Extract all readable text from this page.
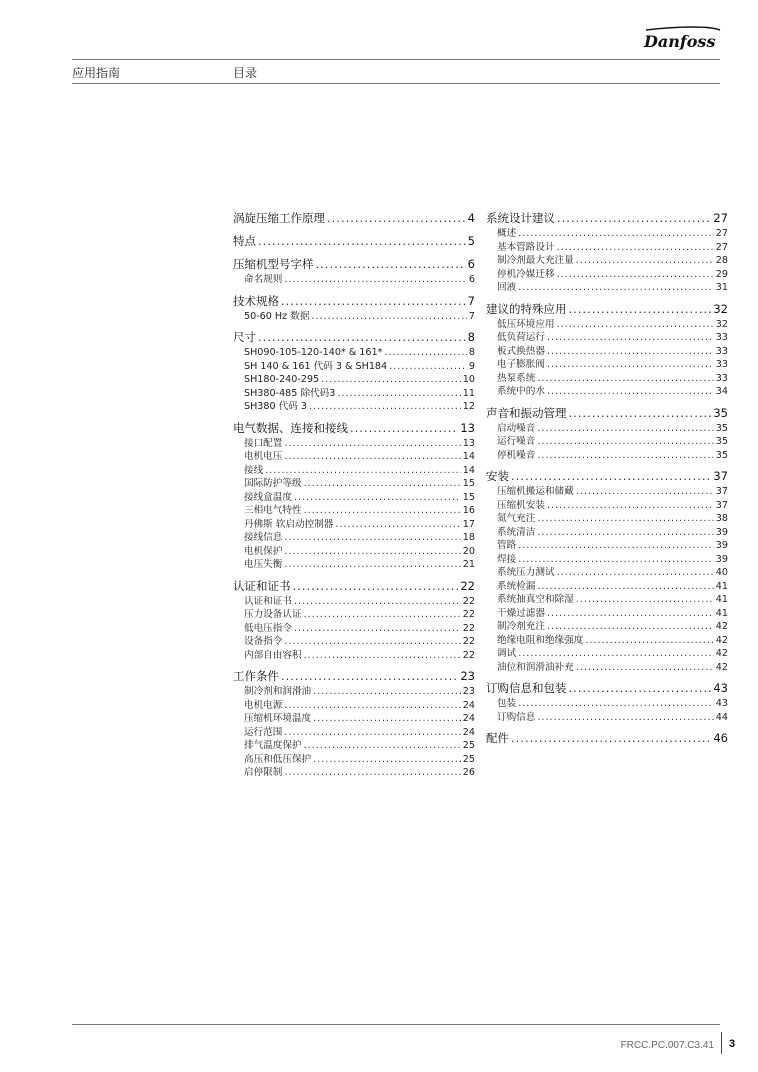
Danfoss
应用指南	目录
涡旋压缩工作原理 .....	4
特点 .....	5
压缩机型号字样 .....	6
命名规则 .....	6
技术规格 .....	7
50-60 Hz 数据 .....	7
尺寸 .....	8
SH090-105-120-140* & 161* .....	8
SH 140 & 161 代码 3 & SH184 .....	9
SH180-240-295 .....	10
SH380-485 除代码3 .....	11
SH380 代码 3 .....	12
电气数据、连接和接线 .....	13
接口配置 .....	13
电机电压 .....	14
接线 .....	14
国际防护等级 .....	15
接线盒温度 .....	15
三相电气特性 .....	16
丹佛斯 软启动控制器 .....	17
接线信息 .....	18
电机保护 .....	20
电压失衡 .....	21
认证和证书 .....	22
认证和证书 .....	22
压力设备认证 .....	22
低电压指令 .....	22
设备指令 .....	22
内部自由容积 .....	22
工作条件 .....	23
制冷剂和润滑油 .....	23
电机电源 .....	24
压缩机环境温度 .....	24
运行范围 .....	24
排气温度保护 .....	25
高压和低压保护 .....	25
启停限制 .....	26
系统设计建议 .....	27
概述 .....	27
基本管路设计 .....	27
制冷剂最大充注量 .....	28
停机冷媒迁移 .....	29
回液 .....	31
建议的特殊应用 .....	32
低压环境应用 .....	32
低负荷运行 .....	33
板式换热器 .....	33
电子膨胀阀 .....	33
热泵系统 .....	33
系统中的水 .....	34
声音和振动管理 .....	35
启动噪音 .....	35
运行噪音 .....	35
停机噪音 .....	35
安装 .....	37
压缩机搬运和储藏 .....	37
压缩机安装 .....	37
氮气充注 .....	38
系统清洁 .....	39
管路 .....	39
焊接 .....	39
系统压力测试 .....	40
系统检漏 .....	41
系统抽真空和除湿 .....	41
干燥过滤器 .....	41
制冷剂充注 .....	42
绝缘电阻和绝缘强度 .....	42
调试 .....	42
油位和润滑油补充 .....	42
订购信息和包装 .....	43
包装 .....	43
订购信息 .....	44
配件 .....	46
FRCC.PC.007.C3.41 3
